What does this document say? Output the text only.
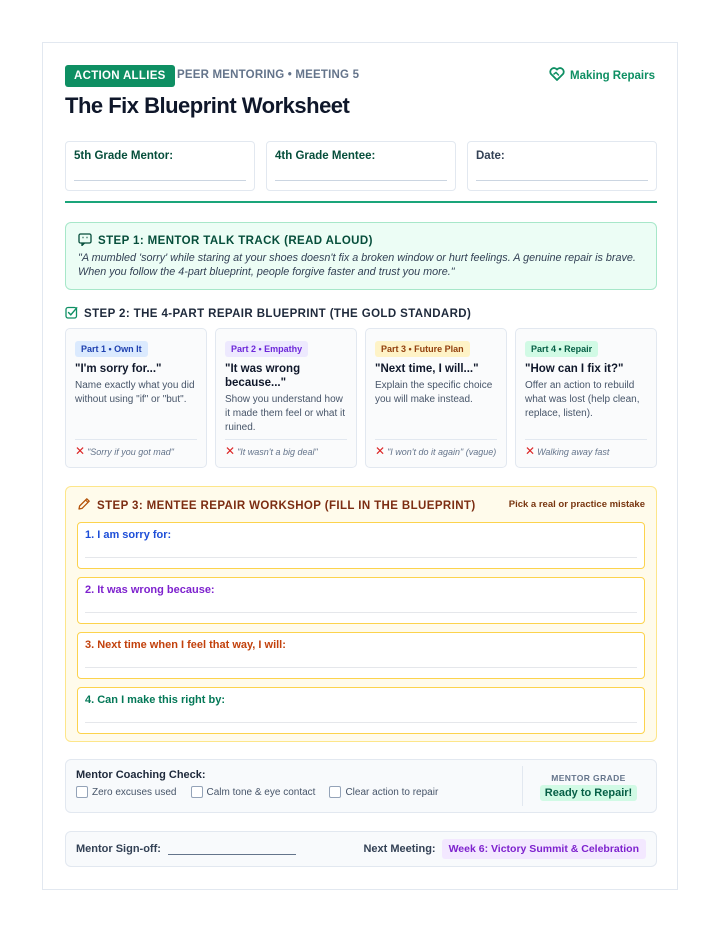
ACTION ALLIES PEER MENTORING • MEETING 5	Making Repairs
The Fix Blueprint Worksheet
5th Grade Mentor:	4th Grade Mentee:	Date:
STEP 1: MENTOR TALK TRACK (READ ALOUD)

"A mumbled 'sorry' while staring at your shoes doesn't fix a broken window or hurt feelings. A genuine repair is brave. When you follow the 4-part blueprint, people forgive faster and trust you more."

STEP 2: THE 4-PART REPAIR BLUEPRINT (THE GOLD STANDARD)
Part 1 • Own It
"I'm sorry for..."
Name exactly what you did without using "if" or "but".
✕ "Sorry if you got mad"
Part 2 • Empathy
"It was wrong because..."
Show you understand how it made them feel or what it ruined.
✕ "It wasn't a big deal"
Part 3 • Future Plan
"Next time, I will..."
Explain the specific choice you will make instead.
✕ "I won't do it again" (vague)
Part 4 • Repair
"How can I fix it?"
Offer an action to rebuild what was lost (help clean, replace, listen).
✕ Walking away fast
STEP 3: MENTEE REPAIR WORKSHOP (FILL IN THE BLUEPRINT)	Pick a real or practice mistake
1. I am sorry for:
2. It was wrong because:
3. Next time when I feel that way, I will:
4. Can I make this right by:
Mentor Coaching Check:
Zero excuses used	Calm tone & eye contact	Clear action to repair
MENTOR GRADE
Ready to Repair!
Mentor Sign-off:	Next Meeting:	Week 6: Victory Summit & Celebration
